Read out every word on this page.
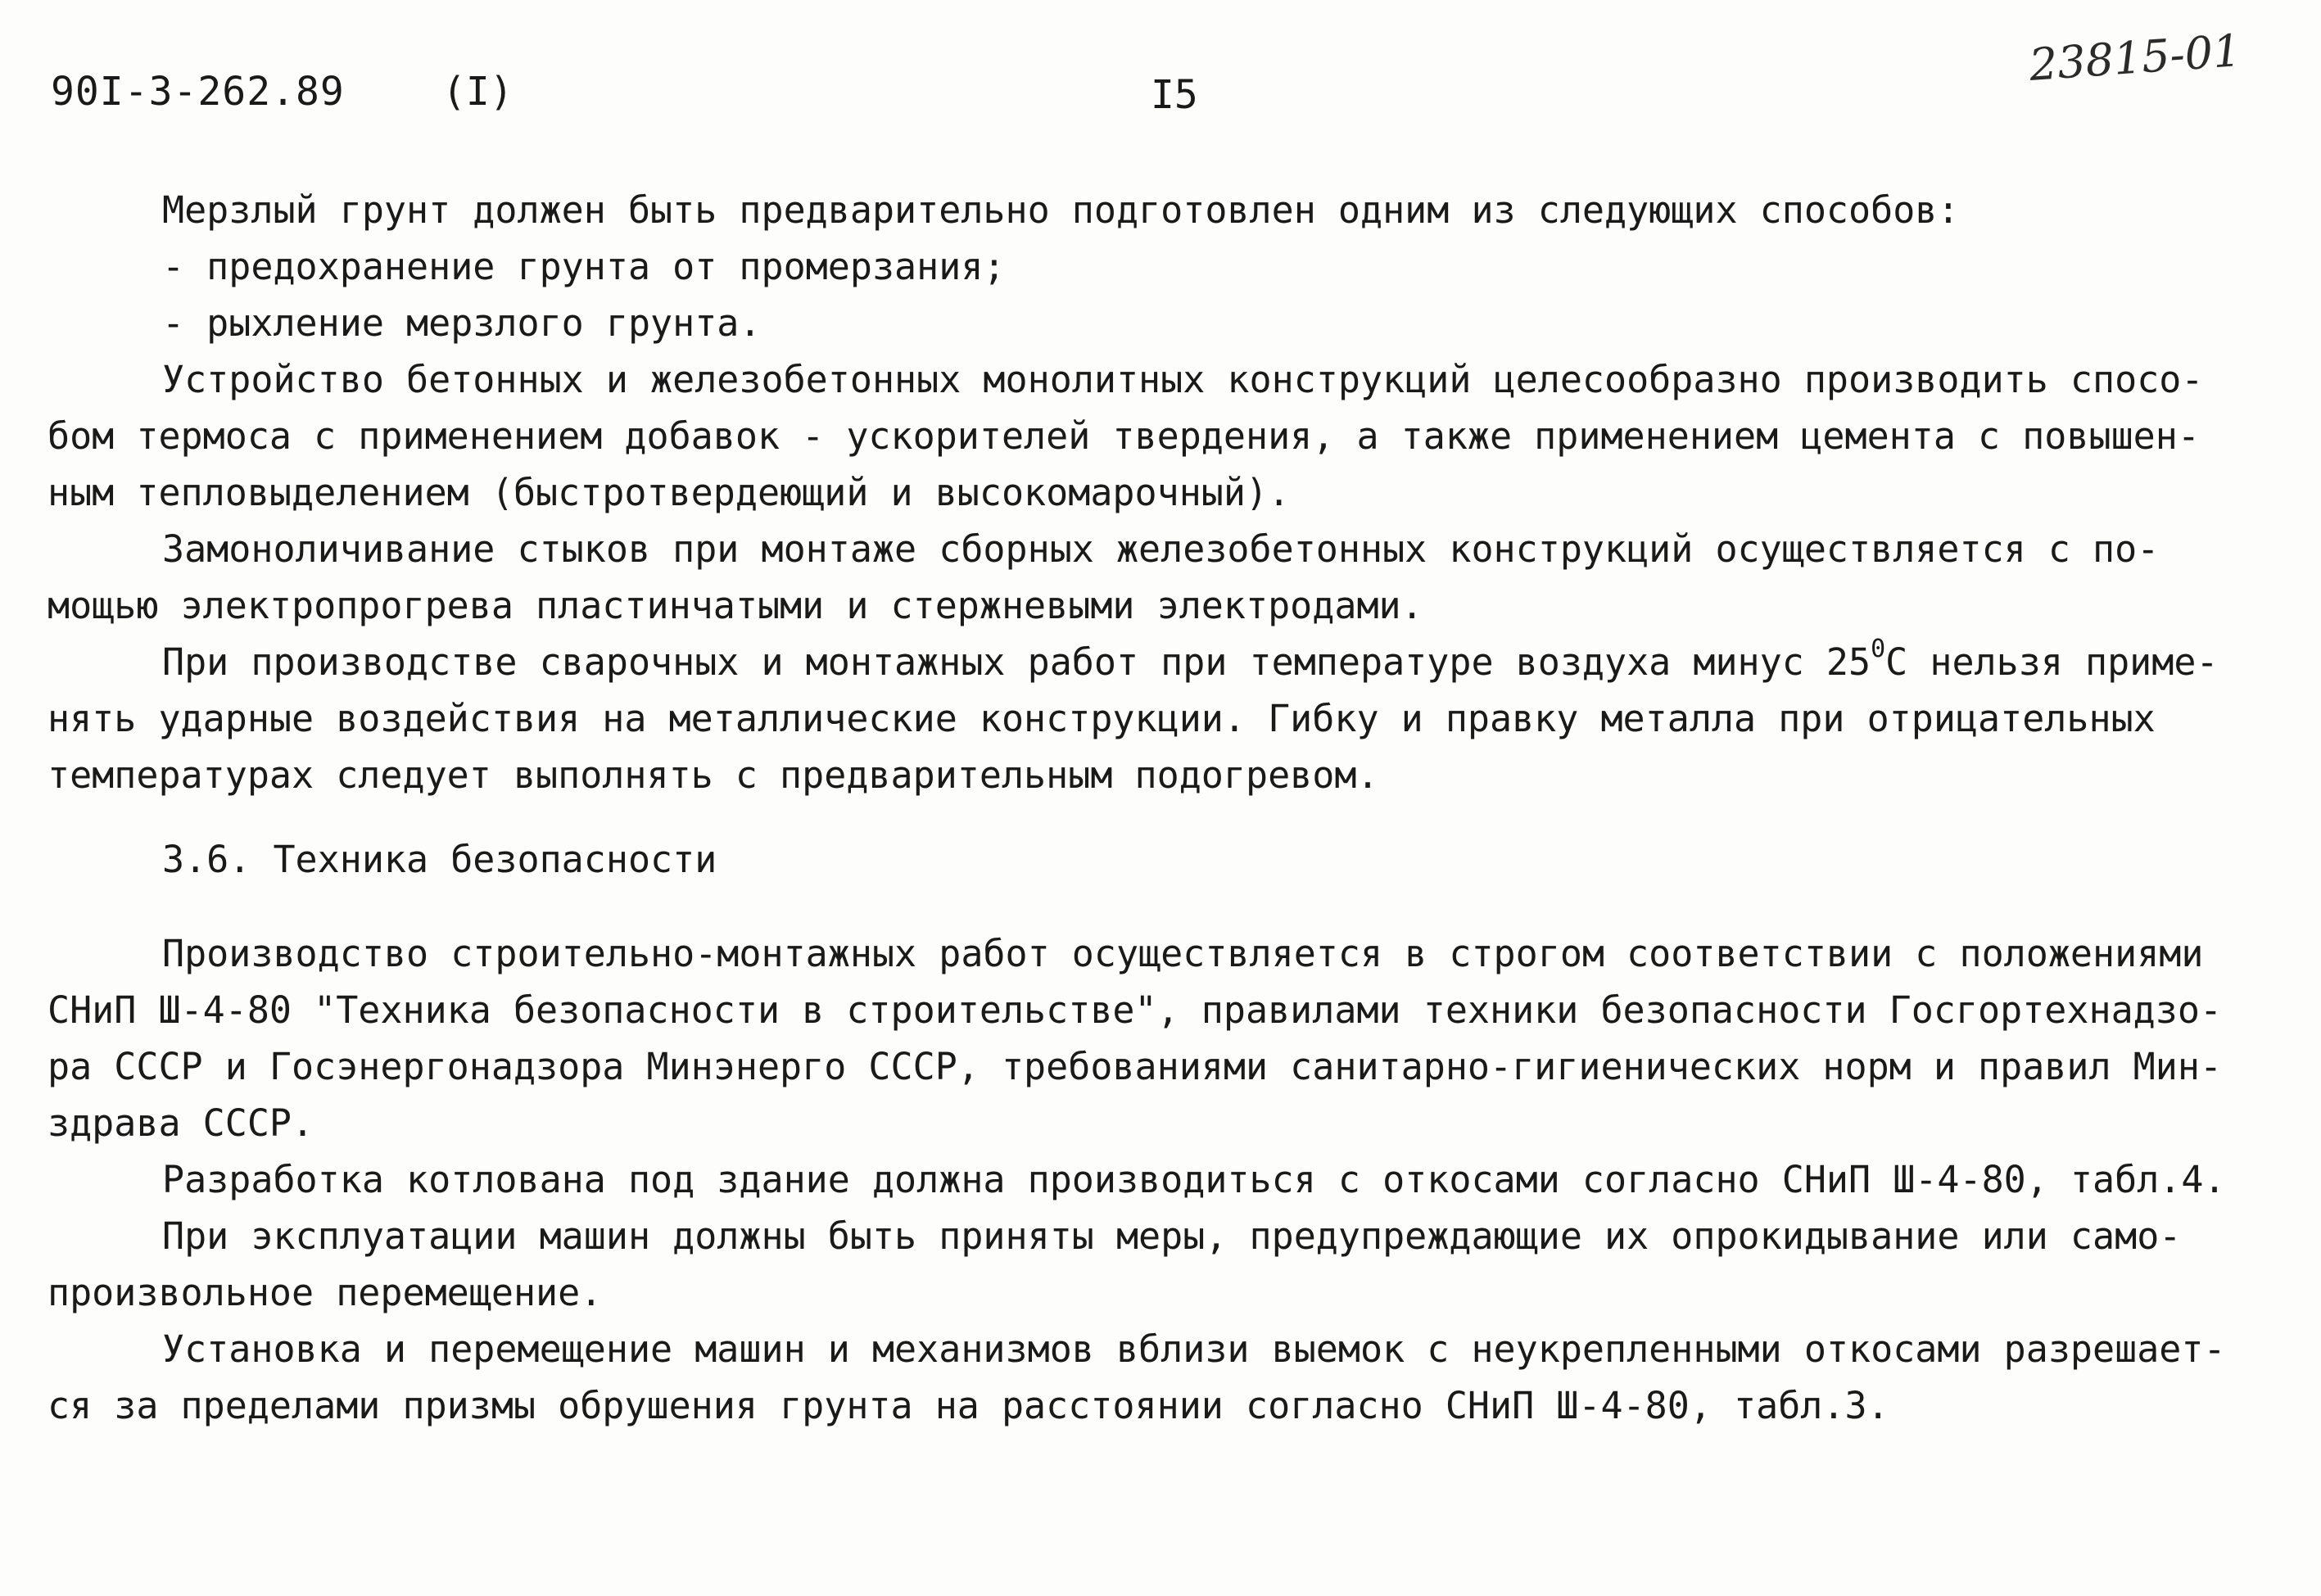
90I-3-262.89 (I)	I5
23815-01
Мерзлый грунт должен быть предварительно подготовлен одним из следующих способов:
- предохранение грунта от промерзания;
- рыхление мерзлого грунта.
Устройство бетонных и железобетонных монолитных конструкций целесообразно производить спосо-
бом термоса с применением добавок - ускорителей твердения, а также применением цемента с повышен-
ным тепловыделением (быстротвердеющий и высокомарочный).
Замоноличивание стыков при монтаже сборных железобетонных конструкций осуществляется с по-
мощью электропрогрева пластинчатыми и стержневыми электродами.
При производстве сварочных и монтажных работ при температуре воздуха минус $25^0С$ нельзя приме-
нять ударные воздействия на металлические конструкции. Гибку и правку металла при отрицательных
температурах следует выполнять с предварительным подогревом.
3.6. Техника безопасности
Производство строительно-монтажных работ осуществляется в строгом соответствии с положениями
СНиП Ш-4-80 "Техника безопасности в строительстве", правилами техники безопасности Госгортехнадзо-
ра СССР и Госэнергонадзора Минэнерго СССР, требованиями санитарно-гигиенических норм и правил Мин-
здрава СССР.
Разработка котлована под здание должна производиться с откосами согласно СНиП Ш-4-80, табл.4.
При эксплуатации машин должны быть приняты меры, предупреждающие их опрокидывание или само-
произвольное перемещение.
Установка и перемещение машин и механизмов вблизи выемок с неукрепленными откосами разрешает-
ся за пределами призмы обрушения грунта на расстоянии согласно СНиП Ш-4-80, табл.3.
